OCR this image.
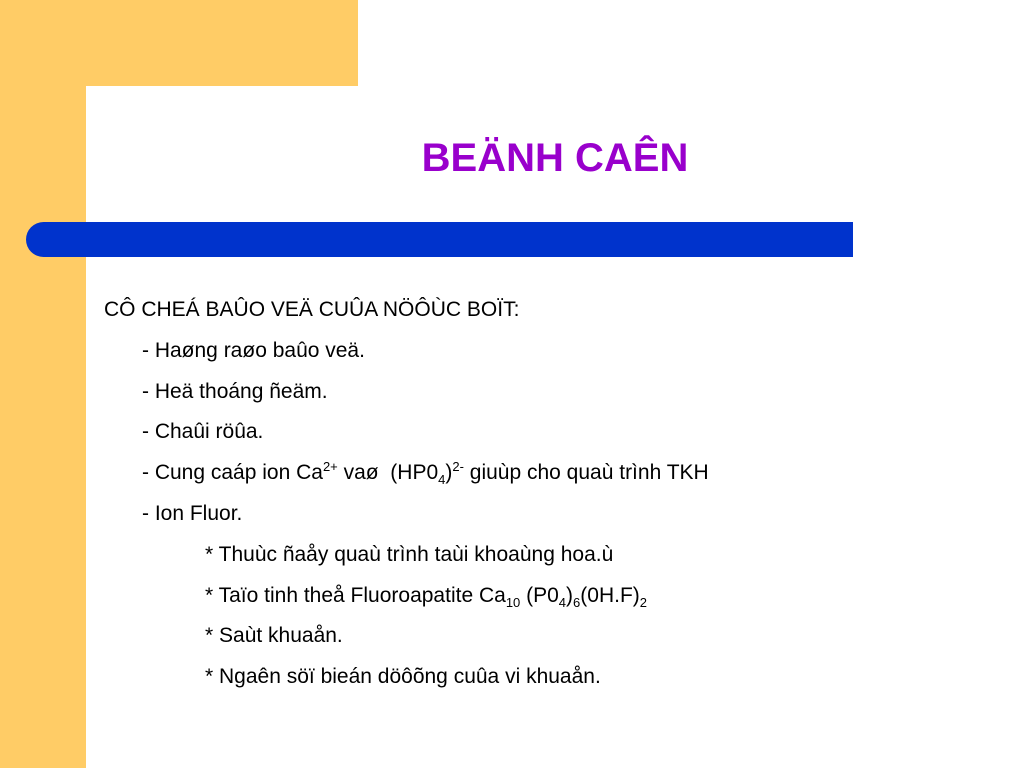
BEÄNH CAÊN
CÔ CHEÁ BAÛO VEÄ CUÛA NÖÔÙC BOÏT:
- Haøng raøo baûo veä.
- Heä thoáng ñeäm.
- Chaûi röûa.
- Cung caáp ion $Ca^{2+}$ vaø  $(HP0_4)^{2-}$ giuùp cho quaù trình TKH
- Ion Fluor.
* Thuùc ñaåy quaù trình taùi khoaùng hoa.ù
* Taïo tinh theå Fluoroapatite $Ca_{10}$ $(P0_4)_6(0H.F)_2$
* Saùt khuaån.
* Ngaên söï bieán döôõng cuûa vi khuaån.
